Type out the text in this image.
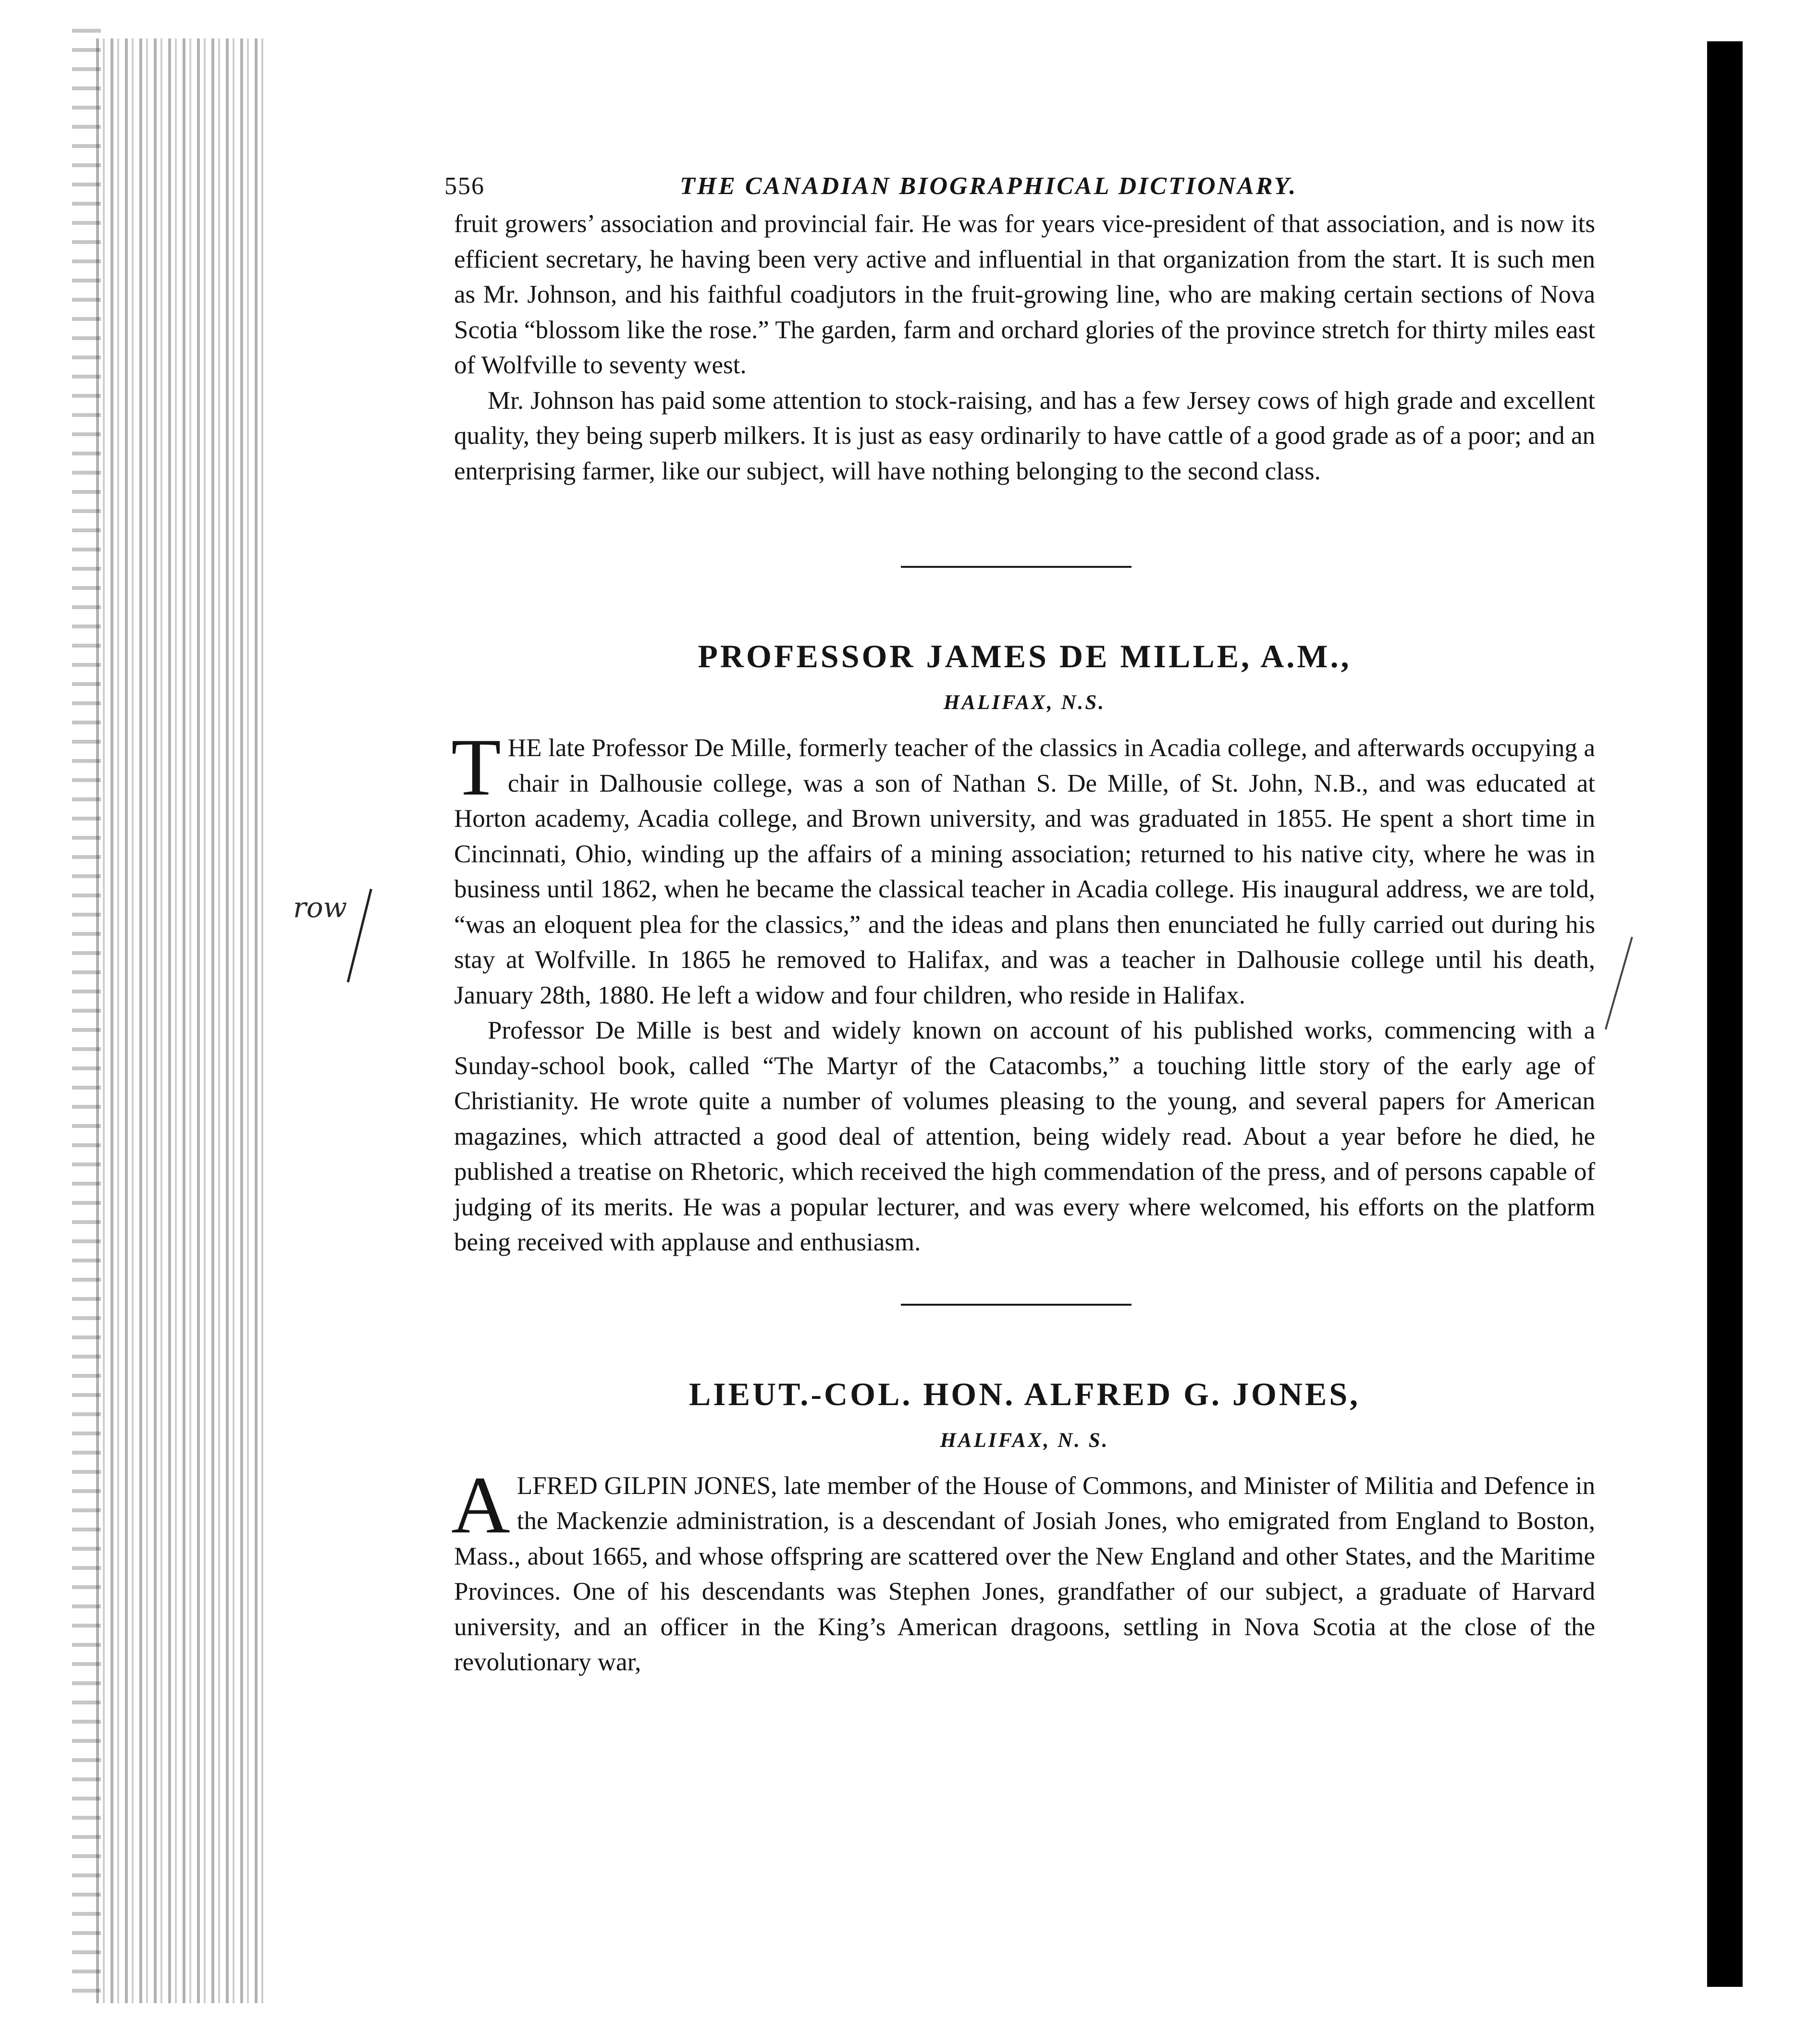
row
556	THE CANADIAN BIOGRAPHICAL DICTIONARY.

fruit growers’ association and provincial fair. He was for years vice-president of that association, and is now its efficient secretary, he having been very active and influential in that organization from the start. It is such men as Mr. Johnson, and his faithful coadjutors in the fruit-growing line, who are making certain sections of Nova Scotia “blossom like the rose.” The garden, farm and orchard glories of the province stretch for thirty miles east of Wolfville to seventy west.

Mr. Johnson has paid some attention to stock-raising, and has a few Jersey cows of high grade and excellent quality, they being superb milkers. It is just as easy ordinarily to have cattle of a good grade as of a poor; and an enterprising farmer, like our subject, will have nothing belonging to the second class.

PROFESSOR JAMES DE MILLE, A.M.,

HALIFAX, N.S.

THE late Professor De Mille, formerly teacher of the classics in Acadia college, and afterwards occupying a chair in Dalhousie college, was a son of Nathan S. De Mille, of St. John, N.B., and was educated at Horton academy, Acadia college, and Brown university, and was graduated in 1855. He spent a short time in Cincinnati, Ohio, winding up the affairs of a mining association; returned to his native city, where he was in business until 1862, when he became the classical teacher in Acadia college. His inaugural address, we are told, “was an eloquent plea for the classics,” and the ideas and plans then enunciated he fully carried out during his stay at Wolfville. In 1865 he removed to Halifax, and was a teacher in Dalhousie college until his death, January 28th, 1880. He left a widow and four children, who reside in Halifax.

Professor De Mille is best and widely known on account of his published works, commencing with a Sunday-school book, called “The Martyr of the Catacombs,” a touching little story of the early age of Christianity. He wrote quite a number of volumes pleasing to the young, and several papers for American magazines, which attracted a good deal of attention, being widely read. About a year before he died, he published a treatise on Rhetoric, which received the high commendation of the press, and of persons capable of judging of its merits. He was a popular lecturer, and was every where welcomed, his efforts on the platform being received with applause and enthusiasm.

LIEUT.-COL. HON. ALFRED G. JONES,

HALIFAX, N. S.

ALFRED GILPIN JONES, late member of the House of Commons, and Minister of Militia and Defence in the Mackenzie administration, is a descendant of Josiah Jones, who emigrated from England to Boston, Mass., about 1665, and whose offspring are scattered over the New England and other States, and the Maritime Provinces. One of his descendants was Stephen Jones, grandfather of our subject, a graduate of Harvard university, and an officer in the King’s American dragoons, settling in Nova Scotia at the close of the revolutionary war,
